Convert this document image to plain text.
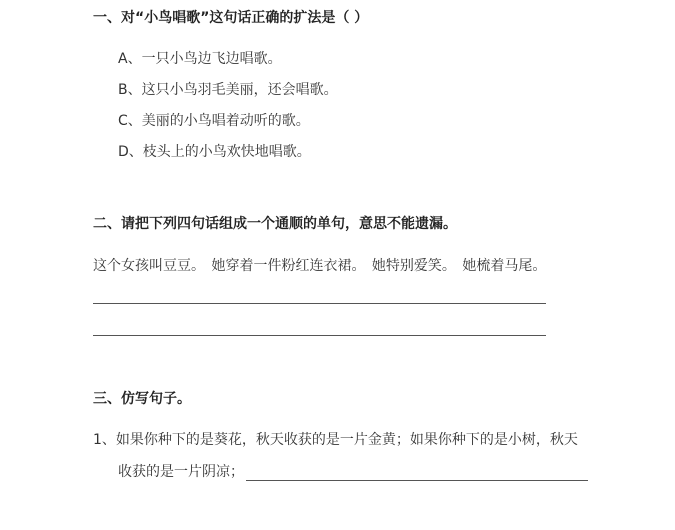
一、对“小鸟唱歌”这句话正确的扩法是（ ）
A、一只小鸟边飞边唱歌。
B、这只小鸟羽毛美丽，还会唱歌。
C、美丽的小鸟唱着动听的歌。
D、枝头上的小鸟欢快地唱歌。
二、请把下列四句话组成一个通顺的单句，意思不能遗漏。
这个女孩叫豆豆。 她穿着一件粉红连衣裙。 她特别爱笑。 她梳着马尾。
三、仿写句子。
1、如果你种下的是葵花，秋天收获的是一片金黄；如果你种下的是小树，秋天
收获的是一片阴凉；
